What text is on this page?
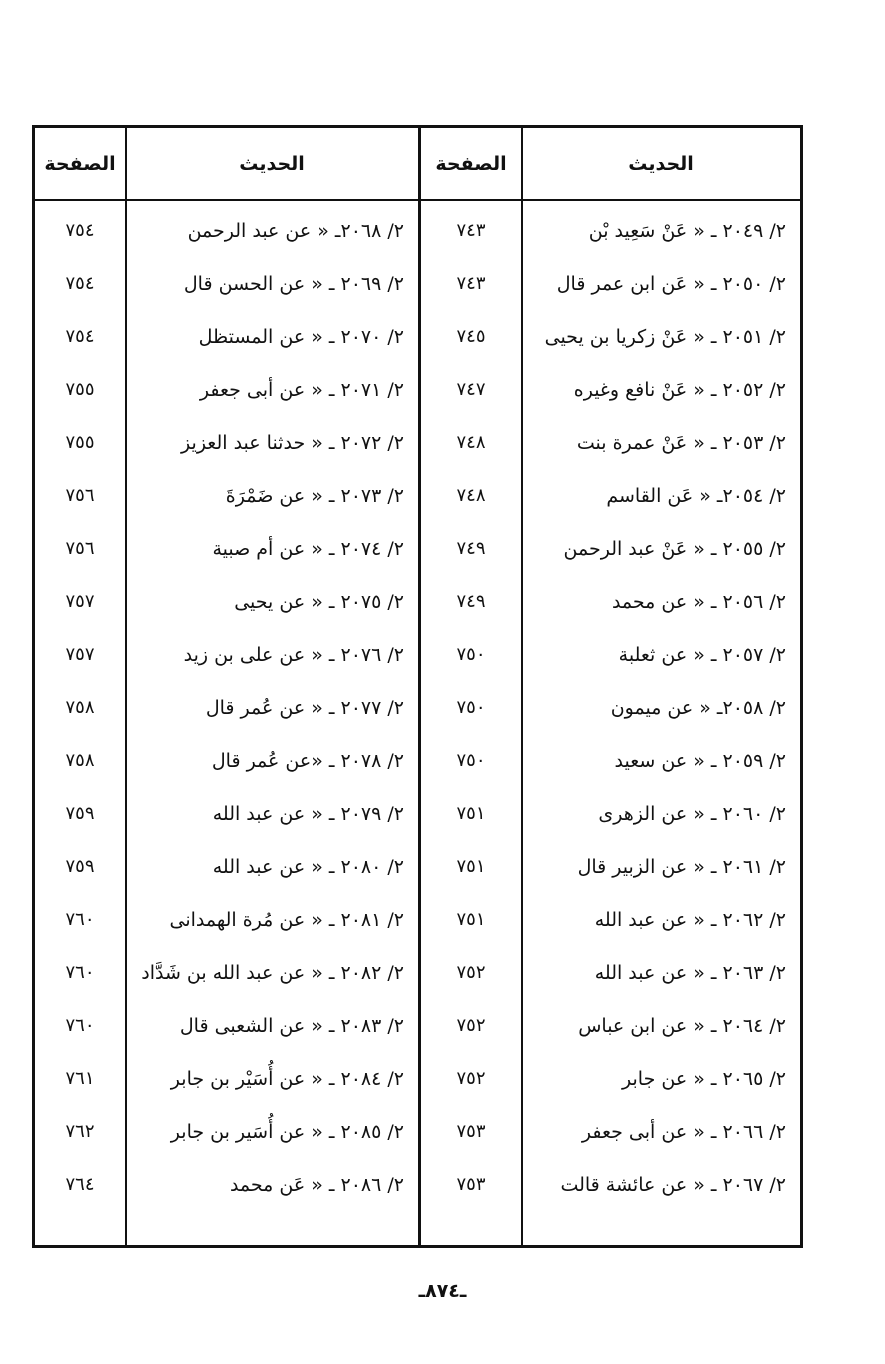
الحديث
الصفحة
الحديث
الصفحة
٢/ ٢٠٤٩ ـ « عَنْ سَعِيد بْن
٧٤٣
٢/ ٢٠٦٨ـ « عن عبد الرحمن
٧٥٤
٢/ ٢٠٥٠ ـ « عَن ابن عمر قال
٧٤٣
٢/ ٢٠٦٩ ـ « عن الحسن قال
٧٥٤
٢/ ٢٠٥١ ـ « عَنْ زكريا بن يحيى
٧٤٥
٢/ ٢٠٧٠ ـ « عن المستظل
٧٥٤
٢/ ٢٠٥٢ ـ « عَنْ نافع وغيره
٧٤٧
٢/ ٢٠٧١ ـ « عن أبى جعفر
٧٥٥
٢/ ٢٠٥٣ ـ « عَنْ عمرة بنت
٧٤٨
٢/ ٢٠٧٢ ـ « حدثنا عبد العزيز
٧٥٥
٢/ ٢٠٥٤ـ « عَن القاسم
٧٤٨
٢/ ٢٠٧٣ ـ « عن ضَمْرَةَ
٧٥٦
٢/ ٢٠٥٥ ـ « عَنْ عبد الرحمن
٧٤٩
٢/ ٢٠٧٤ ـ « عن أم صبية
٧٥٦
٢/ ٢٠٥٦ ـ « عن محمد
٧٤٩
٢/ ٢٠٧٥ ـ « عن يحيى
٧٥٧
٢/ ٢٠٥٧ ـ « عن ثعلبة
٧٥٠
٢/ ٢٠٧٦ ـ « عن على بن زيد
٧٥٧
٢/ ٢٠٥٨ـ « عن ميمون
٧٥٠
٢/ ٢٠٧٧ ـ « عن عُمر قال
٧٥٨
٢/ ٢٠٥٩ ـ « عن سعيد
٧٥٠
٢/ ٢٠٧٨ ـ «عن عُمر قال
٧٥٨
٢/ ٢٠٦٠ ـ « عن الزهرى
٧٥١
٢/ ٢٠٧٩ ـ « عن عبد الله
٧٥٩
٢/ ٢٠٦١ ـ « عن الزبير قال
٧٥١
٢/ ٢٠٨٠ ـ « عن عبد الله
٧٥٩
٢/ ٢٠٦٢ ـ « عن عبد الله
٧٥١
٢/ ٢٠٨١ ـ « عن مُرة الهمدانى
٧٦٠
٢/ ٢٠٦٣ ـ « عن عبد الله
٧٥٢
٢/ ٢٠٨٢ ـ « عن عبد الله بن شَدَّاد
٧٦٠
٢/ ٢٠٦٤ ـ « عن ابن عباس
٧٥٢
٢/ ٢٠٨٣ ـ « عن الشعبى قال
٧٦٠
٢/ ٢٠٦٥ ـ « عن جابر
٧٥٢
٢/ ٢٠٨٤ ـ « عن أُسَيْر بن جابر
٧٦١
٢/ ٢٠٦٦ ـ « عن أبى جعفر
٧٥٣
٢/ ٢٠٨٥ ـ « عن أُسَير بن جابر
٧٦٢
٢/ ٢٠٦٧ ـ « عن عائشة قالت
٧٥٣
٢/ ٢٠٨٦ ـ « عَن محمد
٧٦٤
ـ٨٧٤ـ
